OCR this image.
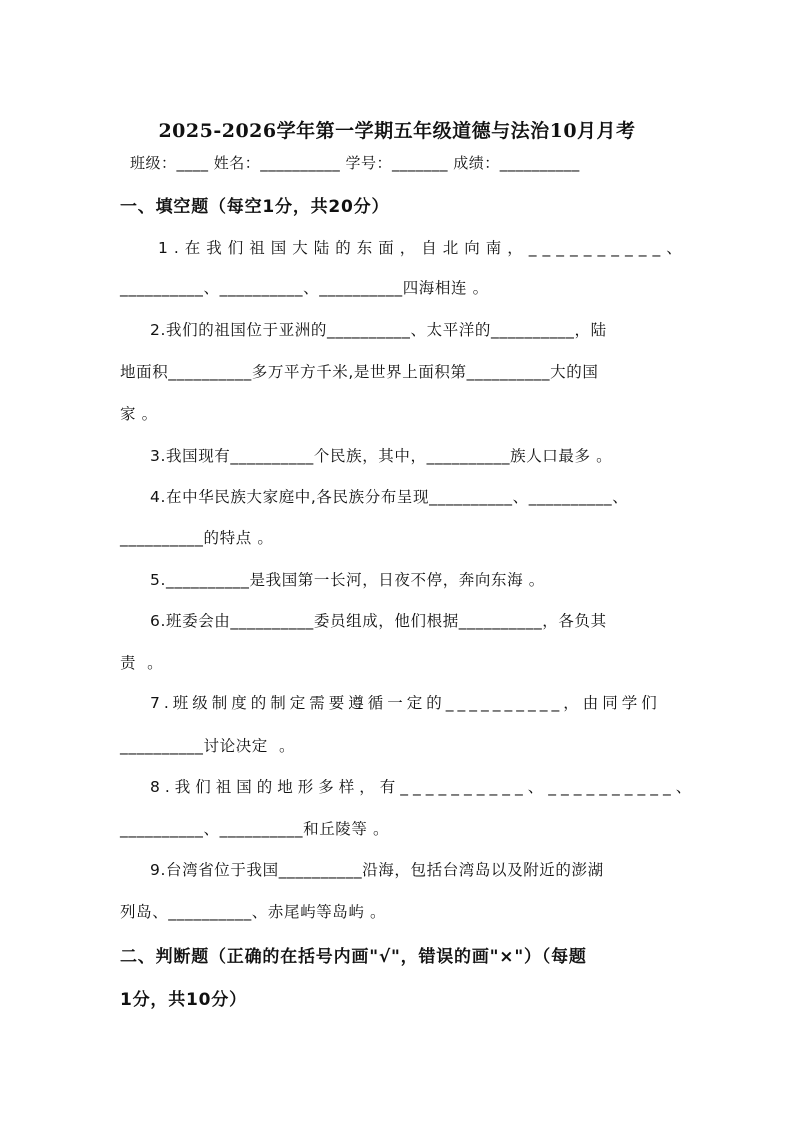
2025-2026学年第一学期五年级道德与法治10月月考
班级：____ 姓名：__________ 学号：_______ 成绩：__________
一、填空题（每空1分，共20分）
1.在我们祖国大陆的东面，自北向南，__________、
__________、__________、__________四海相连 。
2.我们的祖国位于亚洲的__________、太平洋的__________，陆
地面积__________多万平方千米,是世界上面积第__________大的国
家 。
3.我国现有__________个民族，其中，__________族人口最多 。
4.在中华民族大家庭中,各民族分布呈现__________、__________、
__________的特点 。
5.__________是我国第一长河，日夜不停，奔向东海 。
6.班委会由__________委员组成，他们根据__________，各负其
责  。
7.班级制度的制定需要遵循一定的__________，由同学们
__________讨论决定  。
8.我们祖国的地形多样，有__________、__________、
__________、__________和丘陵等 。
9.台湾省位于我国__________沿海，包括台湾岛以及附近的澎湖
列岛、__________、赤尾屿等岛屿 。
二、判断题（正确的在括号内画"√"，错误的画"×"）（每题
1分，共10分）
